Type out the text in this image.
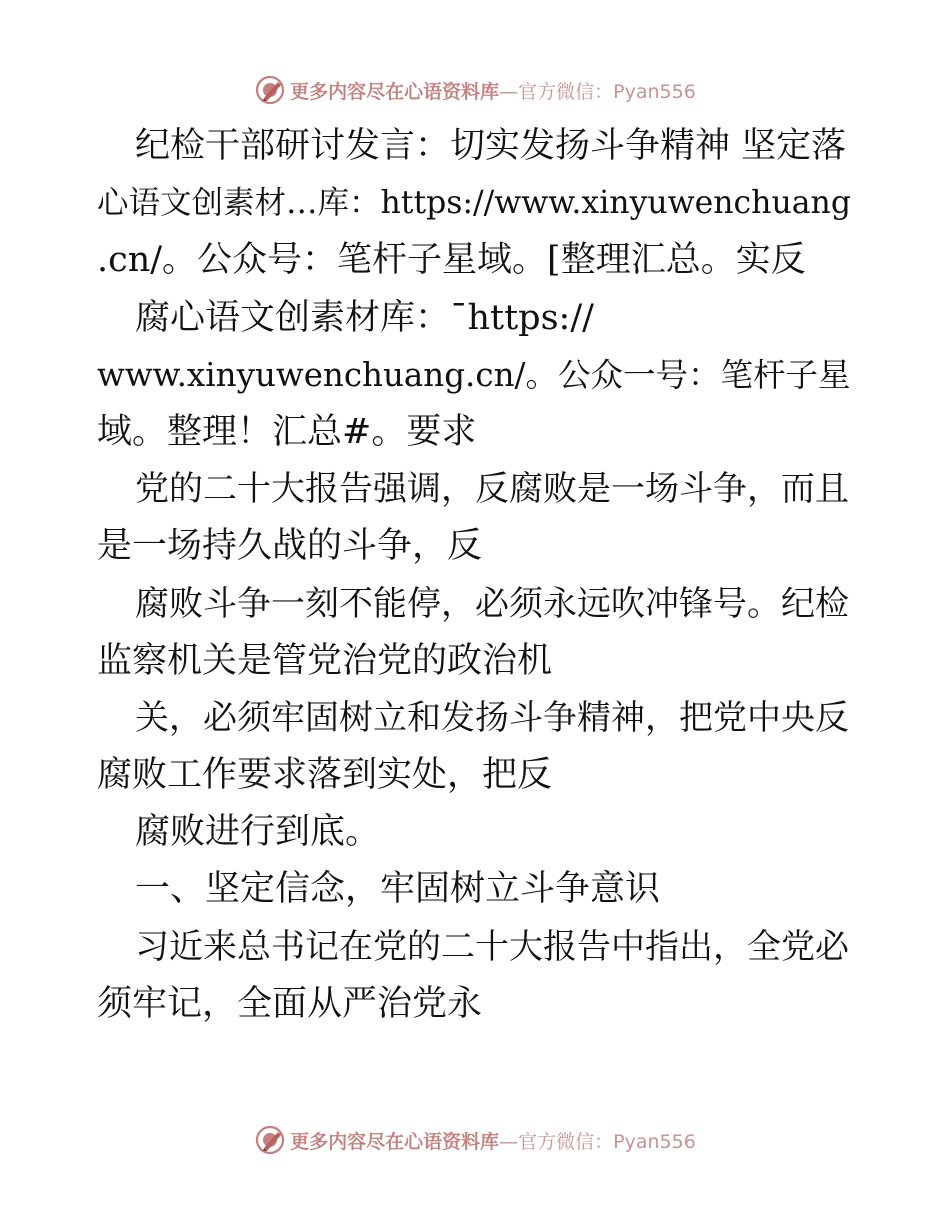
更多内容尽在心语资料库 —官方微信：Pyan556
纪检干部研讨发言：切实发扬斗争精神 坚定落
心语文创素材…库：https://www.xinyuwenchuang
.cn/。公众号：笔杆子星域。[整理汇总。实反
腐心语文创素材库：¯https://
www.xinyuwenchuang.cn/。公众一号：笔杆子星
域。整理！汇总#。要求
党的二十大报告强调，反腐败是一场斗争，而且
是一场持久战的斗争，反
腐败斗争一刻不能停，必须永远吹冲锋号。纪检
监察机关是管党治党的政治机
关，必须牢固树立和发扬斗争精神，把党中央反
腐败工作要求落到实处，把反
腐败进行到底。
一、坚定信念，牢固树立斗争意识
习近来总书记在党的二十大报告中指出，全党必
须牢记，全面从严治党永
更多内容尽在心语资料库 —官方微信：Pyan556
